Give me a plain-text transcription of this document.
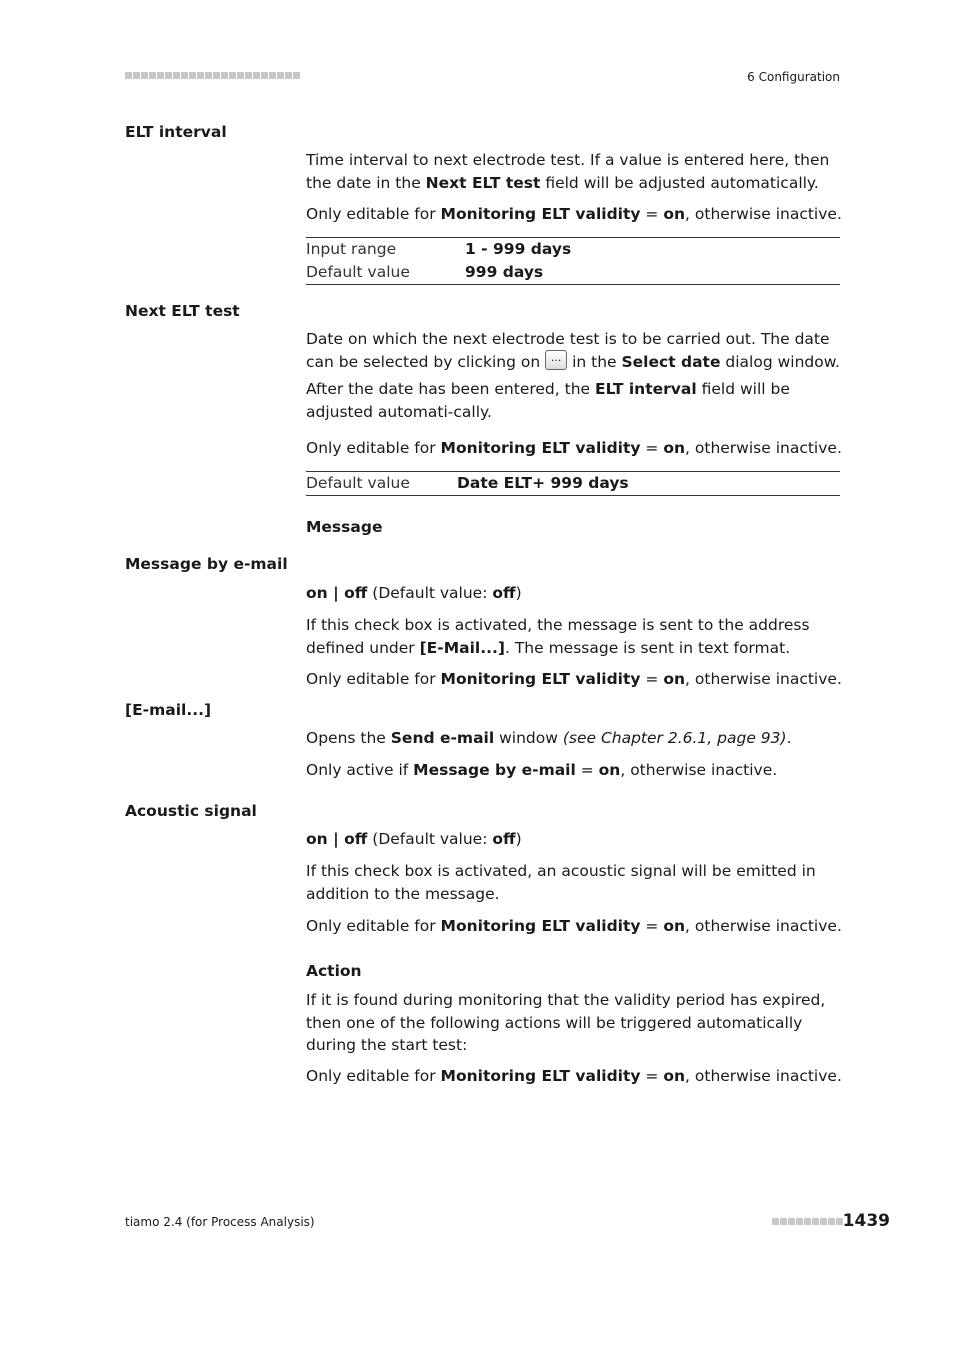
6 Configuration
ELT interval
Time interval to next electrode test. If a value is entered here, then the date in the Next ELT test field will be adjusted automatically.
Only editable for Monitoring ELT validity = on, otherwise inactive.
Input range	1 - 999 days
Default value	999 days
Next ELT test
Date on which the next electrode test is to be carried out. The date can be selected by clicking on ... in the Select date dialog window. After the date has been entered, the ELT interval field will be adjusted automati-cally.
Only editable for Monitoring ELT validity = on, otherwise inactive.
Default value	Date ELT+ 999 days
Message
Message by e-mail
on | off (Default value: off)
If this check box is activated, the message is sent to the address defined under [E-Mail...]. The message is sent in text format.
Only editable for Monitoring ELT validity = on, otherwise inactive.
[E-mail...]
Opens the Send e-mail window (see Chapter 2.6.1, page 93).
Only active if Message by e-mail = on, otherwise inactive.
Acoustic signal
on | off (Default value: off)
If this check box is activated, an acoustic signal will be emitted in addition to the message.
Only editable for Monitoring ELT validity = on, otherwise inactive.
Action
If it is found during monitoring that the validity period has expired, then one of the following actions will be triggered automatically during the start test:
Only editable for Monitoring ELT validity = on, otherwise inactive.
tiamo 2.4 (for Process Analysis)	1439
